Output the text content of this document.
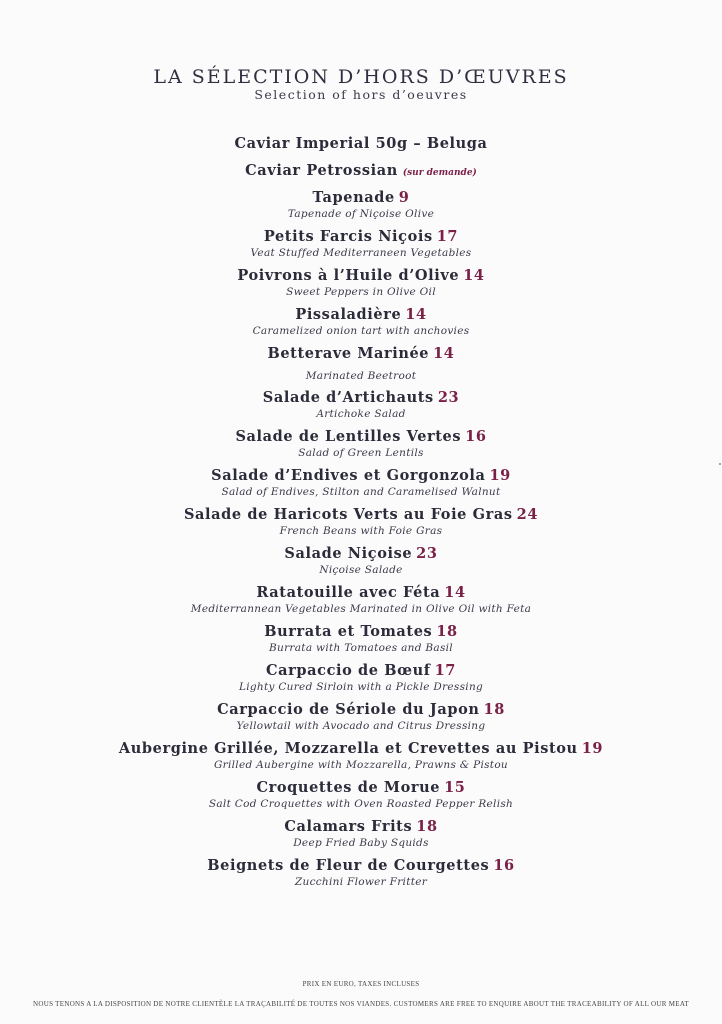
LA SÉLECTION D’HORS D’ŒUVRES
Selection of hors d’oeuvres
Caviar Imperial 50g – Beluga
Caviar Petrossian (sur demande)
Tapenade 9
Tapenade of Niçoise Olive
Petits Farcis Niçois 17
Veat Stuffed Mediterraneen Vegetables
Poivrons à l’Huile d’Olive 14
Sweet Peppers in Olive Oil
Pissaladière 14
Caramelized onion tart with anchovies
Betterave Marinée 14
Marinated Beetroot
Salade d’Artichauts 23
Artichoke Salad
Salade de Lentilles Vertes 16
Salad of Green Lentils
Salade d’Endives et Gorgonzola 19
Salad of Endives, Stilton and Caramelised Walnut
Salade de Haricots Verts au Foie Gras 24
French Beans with Foie Gras
Salade Niçoise 23
Niçoise Salade
Ratatouille avec Féta 14
Mediterrannean Vegetables Marinated in Olive Oil with Feta
Burrata et Tomates 18
Burrata with Tomatoes and Basil
Carpaccio de Bœuf 17
Lighty Cured Sirloin with a Pickle Dressing
Carpaccio de Sériole du Japon 18
Yellowtail with Avocado and Citrus Dressing
Aubergine Grillée, Mozzarella et Crevettes au Pistou 19
Grilled Aubergine with Mozzarella, Prawns & Pistou
Croquettes de Morue 15
Salt Cod Croquettes with Oven Roasted Pepper Relish
Calamars Frits 18
Deep Fried Baby Squids
Beignets de Fleur de Courgettes 16
Zucchini Flower Fritter
PRIX EN EURO, TAXES INCLUSES
NOUS TENONS A LA DISPOSITION DE NOTRE CLIENTÈLE LA TRAÇABILITÉ DE TOUTES NOS VIANDES. CUSTOMERS ARE FREE TO ENQUIRE ABOUT THE TRACEABILITY OF ALL OUR MEAT
